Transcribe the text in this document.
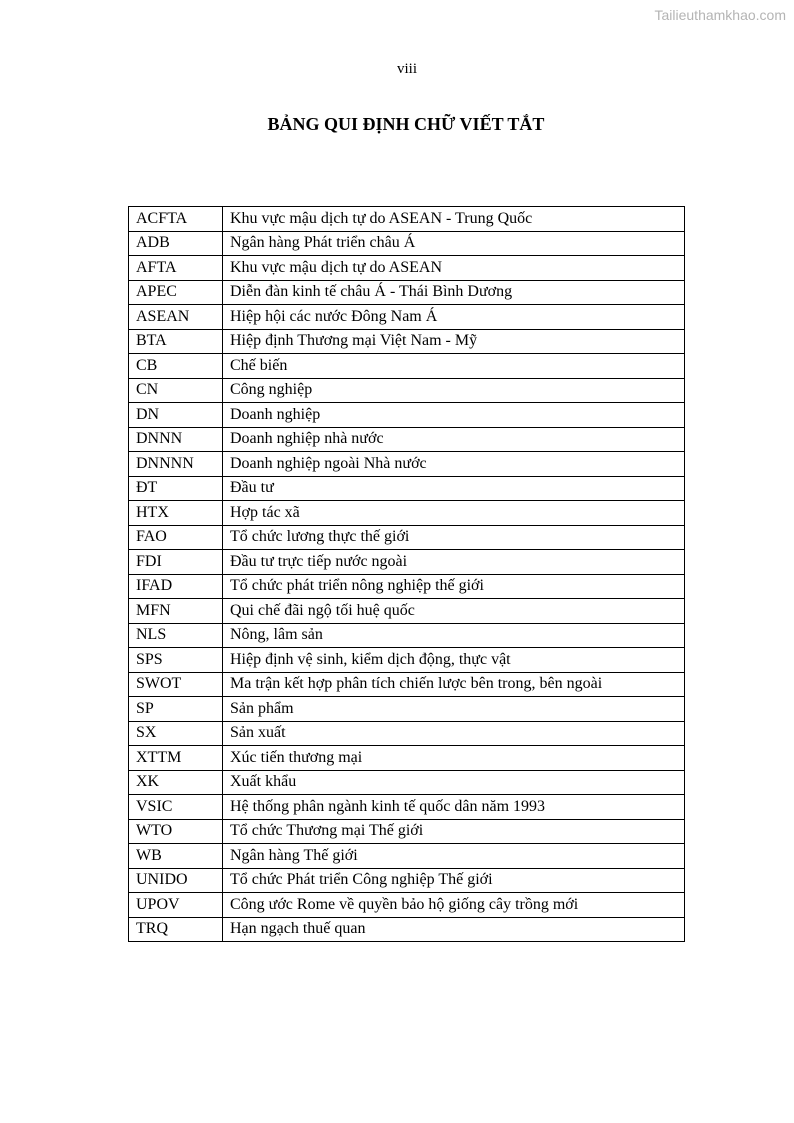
Tailieuthamkhao.com
viii
BẢNG QUI ĐỊNH CHỮ VIẾT TẮT
ACFTA	Khu vực mậu dịch tự do ASEAN - Trung Quốc
ADB	Ngân hàng Phát triển châu Á
AFTA	Khu vực mậu dịch tự do ASEAN
APEC	Diễn đàn kinh tế châu Á - Thái Bình Dương
ASEAN	Hiệp hội các nước Đông Nam Á
BTA	Hiệp định Thương mại Việt Nam - Mỹ
CB	Chế biến
CN	Công nghiệp
DN	Doanh nghiệp
DNNN	Doanh nghiệp nhà nước
DNNNN	Doanh nghiệp ngoài Nhà nước
ĐT	Đầu tư
HTX	Hợp tác xã
FAO	Tổ chức lương thực thế giới
FDI	Đầu tư trực tiếp nước ngoài
IFAD	Tổ chức phát triển nông nghiệp thế giới
MFN	Qui chế đãi ngộ tối huệ quốc
NLS	Nông, lâm sản
SPS	Hiệp định vệ sinh, kiểm dịch động, thực vật
SWOT	Ma trận kết hợp phân tích chiến lược bên trong, bên ngoài
SP	Sản phẩm
SX	Sản xuất
XTTM	Xúc tiến thương mại
XK	Xuất khẩu
VSIC	Hệ thống phân ngành kinh tế quốc dân năm 1993
WTO	Tổ chức Thương mại Thế giới
WB	Ngân hàng Thế giới
UNIDO	Tổ chức Phát triển Công nghiệp Thế giới
UPOV	Công ước Rome về quyền bảo hộ giống cây trồng mới
TRQ	Hạn ngạch thuế quan
